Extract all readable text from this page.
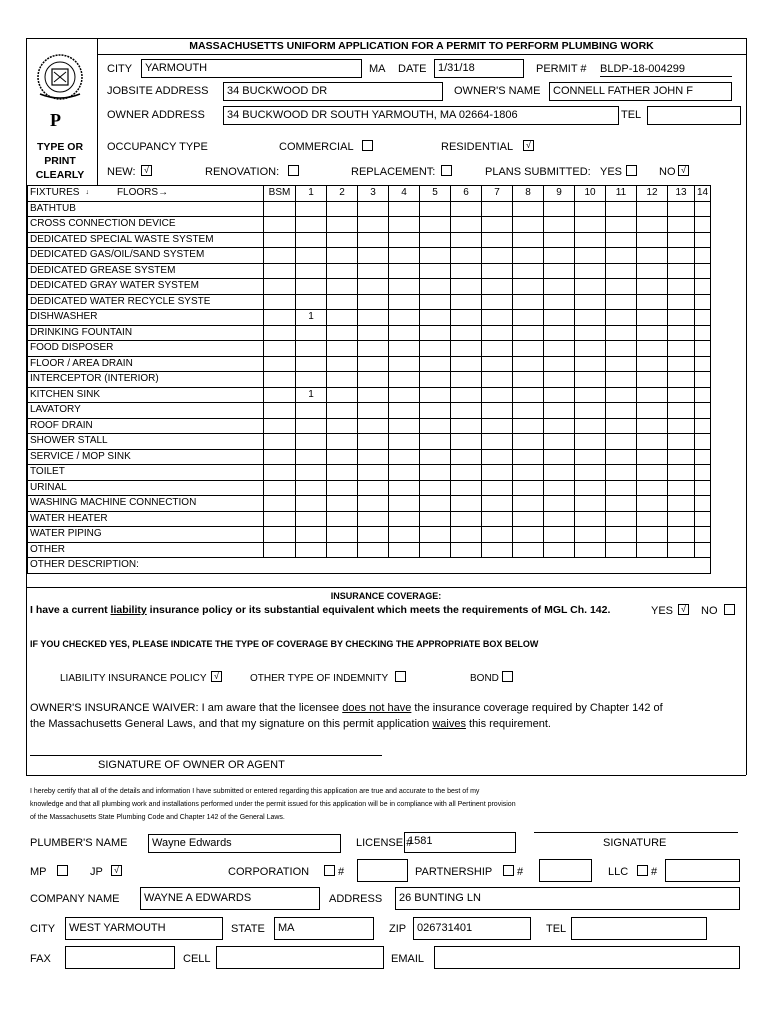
MASSACHUSETTS UNIFORM APPLICATION FOR A PERMIT TO PERFORM PLUMBING WORK
P
TYPE OR PRINT CLEARLY
CITY	YARMOUTH	MA DATE	1/31/18	PERMIT # BLDP-18-004299
JOBSITE ADDRESS	34 BUCKWOOD DR	OWNER'S NAME	CONNELL FATHER JOHN F
OWNER ADDRESS	34 BUCKWOOD DR SOUTH YARMOUTH, MA 02664-1806	TEL
OCCUPANCY TYPE	COMMERCIAL	RESIDENTIAL	√
NEW: √	RENOVATION:	REPLACEMENT:	PLANS SUBMITTED: YES	NO √
FIXTURES ↓ FLOORS→		BSM	1	2	3	4	5	6	7	8	9	10	11	12	13	14
BATHTUB																
CROSS CONNECTION DEVICE																
DEDICATED SPECIAL WASTE SYSTEM																
DEDICATED GAS/OIL/SAND SYSTEM																
DEDICATED GREASE SYSTEM																
DEDICATED GRAY WATER SYSTEM																
DEDICATED WATER RECYCLE SYSTE																
DISHWASHER			1													
DRINKING FOUNTAIN																
FOOD DISPOSER																
FLOOR / AREA DRAIN																
INTERCEPTOR (INTERIOR)																
KITCHEN SINK			1													
LAVATORY																
ROOF DRAIN																
SHOWER STALL																
SERVICE / MOP SINK																
TOILET																
URINAL																
WASHING MACHINE CONNECTION																
WATER HEATER																
WATER PIPING																
OTHER																
OTHER DESCRIPTION:																
INSURANCE COVERAGE:
I have a current liability insurance policy or its substantial equivalent which meets the requirements of MGL Ch. 142.	YES √ NO
IF YOU CHECKED YES, PLEASE INDICATE THE TYPE OF COVERAGE BY CHECKING THE APPROPRIATE BOX BELOW
LIABILITY INSURANCE POLICY √	OTHER TYPE OF INDEMNITY	BOND
OWNER'S INSURANCE WAIVER: I am aware that the licensee does not have the insurance coverage required by Chapter 142 of
the Massachusetts General Laws, and that my signature on this permit application waives this requirement.
SIGNATURE OF OWNER OR AGENT
I hereby certify that all of the details and information I have submitted or entered regarding this application are true and accurate to the best of my
knowledge and that all plumbing work and installations performed under the permit issued for this application will be in compliance with all Pertinent provision
of the Massachusetts State Plumbing Code and Chapter 142 of the General Laws.
PLUMBER'S NAME	Wayne Edwards	LICENSE #
1581	SIGNATURE
MP	JP	√	CORPORATION	#	PARTNERSHIP #	LLC #
COMPANY NAME	WAYNE A EDWARDS	ADDRESS	26 BUNTING LN
CITY	WEST YARMOUTH	STATE	MA	ZIP 026731401	TEL
FAX	CELL	EMAIL
